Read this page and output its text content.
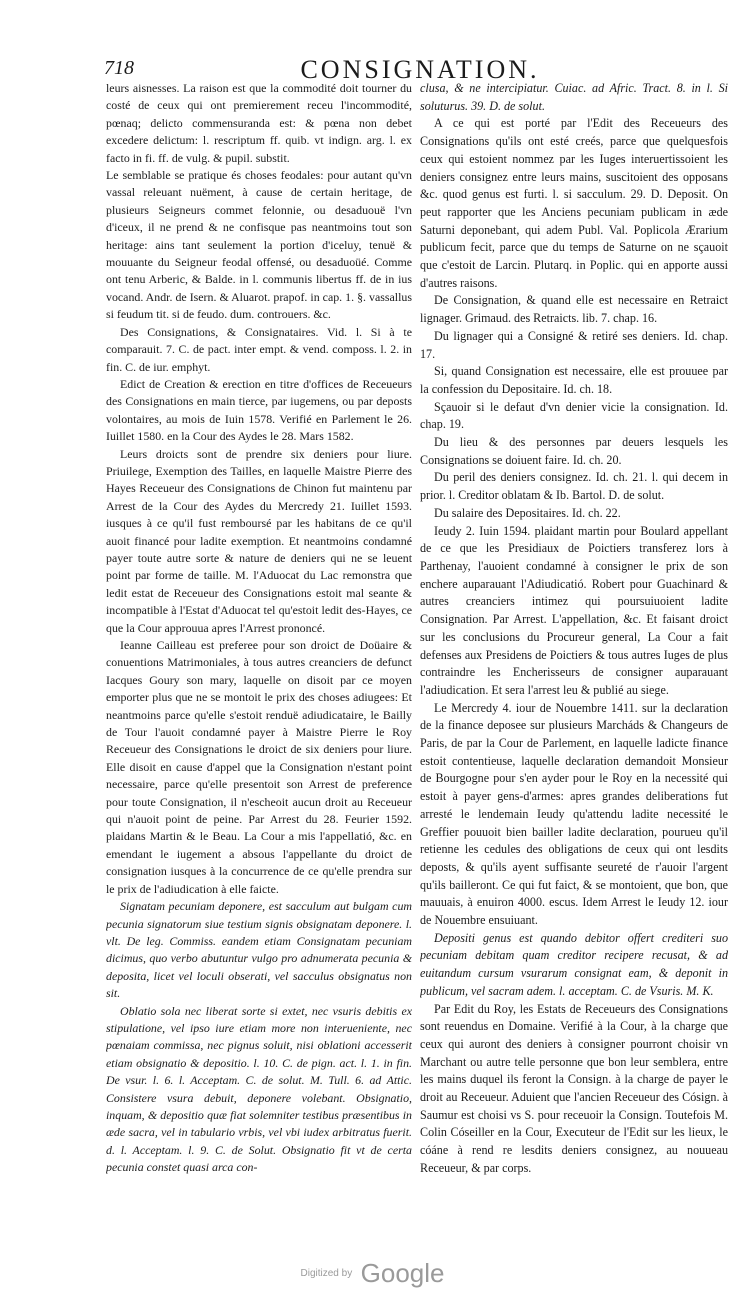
718	CONSIGNATION.

leurs aisnesses. La raison est que la commodité doit tourner du costé de ceux qui ont premierement receu l'incommodité, pœnaq; delicto commensuranda est: & pœna non debet excedere delictum: l. rescriptum ff. quib. vt indign. arg. l. ex facto in fi. ff. de vulg. & pupil. substit.

Le semblable se pratique és choses feodales: pour autant qu'vn vassal releuant nuëment, à cause de certain heritage, de plusieurs Seigneurs commet felonnie, ou desaduouë l'vn d'iceux, il ne prend & ne confisque pas neantmoins tout son heritage: ains tant seulement la portion d'iceluy, tenuë & mouuante du Seigneur feodal offensé, ou desaduoüé. Comme ont tenu Arberic, & Balde. in l. communis libertus ff. de in ius vocand. Andr. de Isern. & Aluarot. prapof. in cap. 1. §. vassallus si feudum tit. si de feudo. dum. controuers. &c.

Des Consignations, & Consignataires. Vid. l. Si à te comparauit. 7. C. de pact. inter empt. & vend. composs. l. 2. in fin. C. de iur. emphyt.

Edict de Creation & erection en titre d'offices de Receueurs des Consignations en main tierce, par iugemens, ou par deposts volontaires, au mois de Iuin 1578. Verifié en Parlement le 26. Iuillet 1580. en la Cour des Aydes le 28. Mars 1582.

Leurs droicts sont de prendre six deniers pour liure. Priuilege, Exemption des Tailles, en laquelle Maistre Pierre des Hayes Receueur des Consignations de Chinon fut maintenu par Arrest de la Cour des Aydes du Mercredy 21. Iuillet 1593. iusques à ce qu'il fust remboursé par les habitans de ce qu'il auoit financé pour ladite exemption. Et neantmoins condamné payer toute autre sorte & nature de deniers qui ne se leuent point par forme de taille. M. l'Aduocat du Lac remonstra que ledit estat de Receueur des Consignations estoit mal seante & incompatible à l'Estat d'Aduocat tel qu'estoit ledit des-Hayes, ce que la Cour approuua apres l'Arrest prononcé.

Ieanne Cailleau est preferee pour son droict de Doüaire & conuentions Matrimoniales, à tous autres creanciers de defunct Iacques Goury son mary, laquelle on disoit par ce moyen emporter plus que ne se montoit le prix des choses adiugees: Et neantmoins parce qu'elle s'estoit renduë adiudicataire, le Bailly de Tour l'auoit condamné payer à Maistre Pierre le Roy Receueur des Consignations le droict de six deniers pour liure. Elle disoit en cause d'appel que la Consignation n'estant point necessaire, parce qu'elle presentoit son Arrest de preference pour toute Consignation, il n'escheoit aucun droit au Receueur qui n'auoit point de peine. Par Arrest du 28. Feurier 1592. plaidans Martin & le Beau. La Cour a mis l'appellatió, &c. en emendant le iugement a absous l'appellante du droict de consignation iusques à la concurrence de ce qu'elle prendra sur le prix de l'adiudication à elle faicte.

Signatam pecuniam deponere, est sacculum aut bulgam cum pecunia signatorum siue testium signis obsignatam deponere. l. vlt. De leg. Commiss. eandem etiam Consignatam pecuniam dicimus, quo verbo abutuntur vulgo pro adnumerata pecunia & deposita, licet vel loculi obserati, vel sacculus obsignatus non sit.

Oblatio sola nec liberat sorte si extet, nec vsuris debitis ex stipulatione, vel ipso iure etiam more non interueniente, nec pœnaiam commissa, nec pignus soluit, nisi oblationi accesserit etiam obsignatio & depositio. l. 10. C. de pign. act. l. 1. in fin. De vsur. l. 6. l. Acceptam. C. de solut. M. Tull. 6. ad Attic. Consistere vsura debuit, deponere volebant. Obsignatio, inquam, & depositio quæ fiat solemniter testibus præsentibus in æde sacra, vel in tabulario vrbis, vel vbi iudex arbitratus fuerit. d. l. Acceptam. l. 9. C. de Solut. Obsignatio fit vt de certa pecunia constet quasi arca con-

clusa, & ne intercipiatur. Cuiac. ad Afric. Tract. 8. in l. Si soluturus. 39. D. de solut.

A ce qui est porté par l'Edit des Receueurs des Consignations qu'ils ont esté creés, parce que quelquesfois ceux qui estoient nommez par les Iuges interuertissoient les deniers consignez entre leurs mains, suscitoient des opposans &c. quod genus est furti. l. si sacculum. 29. D. Deposit. On peut rapporter que les Anciens pecuniam publicam in æde Saturni deponebant, qui adem Publ. Val. Poplicola Ærarium publicum fecit, parce que du temps de Saturne on ne sçauoit que c'estoit de Larcin. Plutarq. in Poplic. qui en apporte aussi d'autres raisons.

De Consignation, & quand elle est necessaire en Retraict lignager. Grimaud. des Retraicts. lib. 7. chap. 16.

Du lignager qui a Consigné & retiré ses deniers. Id. chap. 17.

Si, quand Consignation est necessaire, elle est prouuee par la confession du Depositaire. Id. ch. 18.

Sçauoir si le defaut d'vn denier vicie la consignation. Id. chap. 19.

Du lieu & des personnes par deuers lesquels les Consignations se doiuent faire. Id. ch. 20.

Du peril des deniers consignez. Id. ch. 21. l. qui decem in prior. l. Creditor oblatam & Ib. Bartol. D. de solut.

Du salaire des Depositaires. Id. ch. 22.

Ieudy 2. Iuin 1594. plaidant martin pour Boulard appellant de ce que les Presidiaux de Poictiers transferez lors à Parthenay, l'auoient condamné à consigner le prix de son enchere auparauant l'Adiudicatió. Robert pour Guachinard & autres creanciers intimez qui poursuiuoient ladite Consignation. Par Arrest. L'appellation, &c. Et faisant droict sur les conclusions du Procureur general, La Cour a fait defenses aux Presidens de Poictiers & tous autres Iuges de plus contraindre les Encherisseurs de consigner auparauant l'adiudication. Et sera l'arrest leu & publié au siege.

Le Mercredy 4. iour de Nouembre 1411. sur la declaration de la finance deposee sur plusieurs Marcháds & Changeurs de Paris, de par la Cour de Parlement, en laquelle ladicte finance estoit contentieuse, laquelle declaration demandoit Monsieur de Bourgogne pour s'en ayder pour le Roy en la necessité qui estoit à payer gens-d'armes: apres grandes deliberations fut arresté le lendemain Ieudy qu'attendu ladite necessité le Greffier pouuoit bien bailler ladite declaration, pourueu qu'il retienne les cedules des obligations de ceux qui ont lesdits deposts, & qu'ils ayent suffisante seureté de r'auoir l'argent qu'ils bailleront. Ce qui fut faict, & se montoient, que bon, que mauuais, à enuiron 4000. escus. Idem Arrest le Ieudy 12. iour de Nouembre ensuiuant.

Depositi genus est quando debitor offert crediteri suo pecuniam debitam quam creditor recipere recusat, & ad euitandum cursum vsurarum consignat eam, & deponit in publicum, vel sacram adem. l. acceptam. C. de Vsuris. M. K.

Par Edit du Roy, les Estats de Receueurs des Consignations sont reuendus en Domaine. Verifié à la Cour, à la charge que ceux qui auront des deniers à consigner pourront choisir vn Marchant ou autre telle personne que bon leur semblera, entre les mains duquel ils feront la Consign. à la charge de payer le droit au Receueur. Aduient que l'ancien Receueur des Cósign. à Saumur est choisi vs S. pour receuoir la Consign. Toutefois M. Colin Cóseiller en la Cour, Executeur de l'Edit sur les lieux, le cóáne à rend re lesdits deniers consignez, au nouueau Receueur, & par corps.

Digitized by Google
